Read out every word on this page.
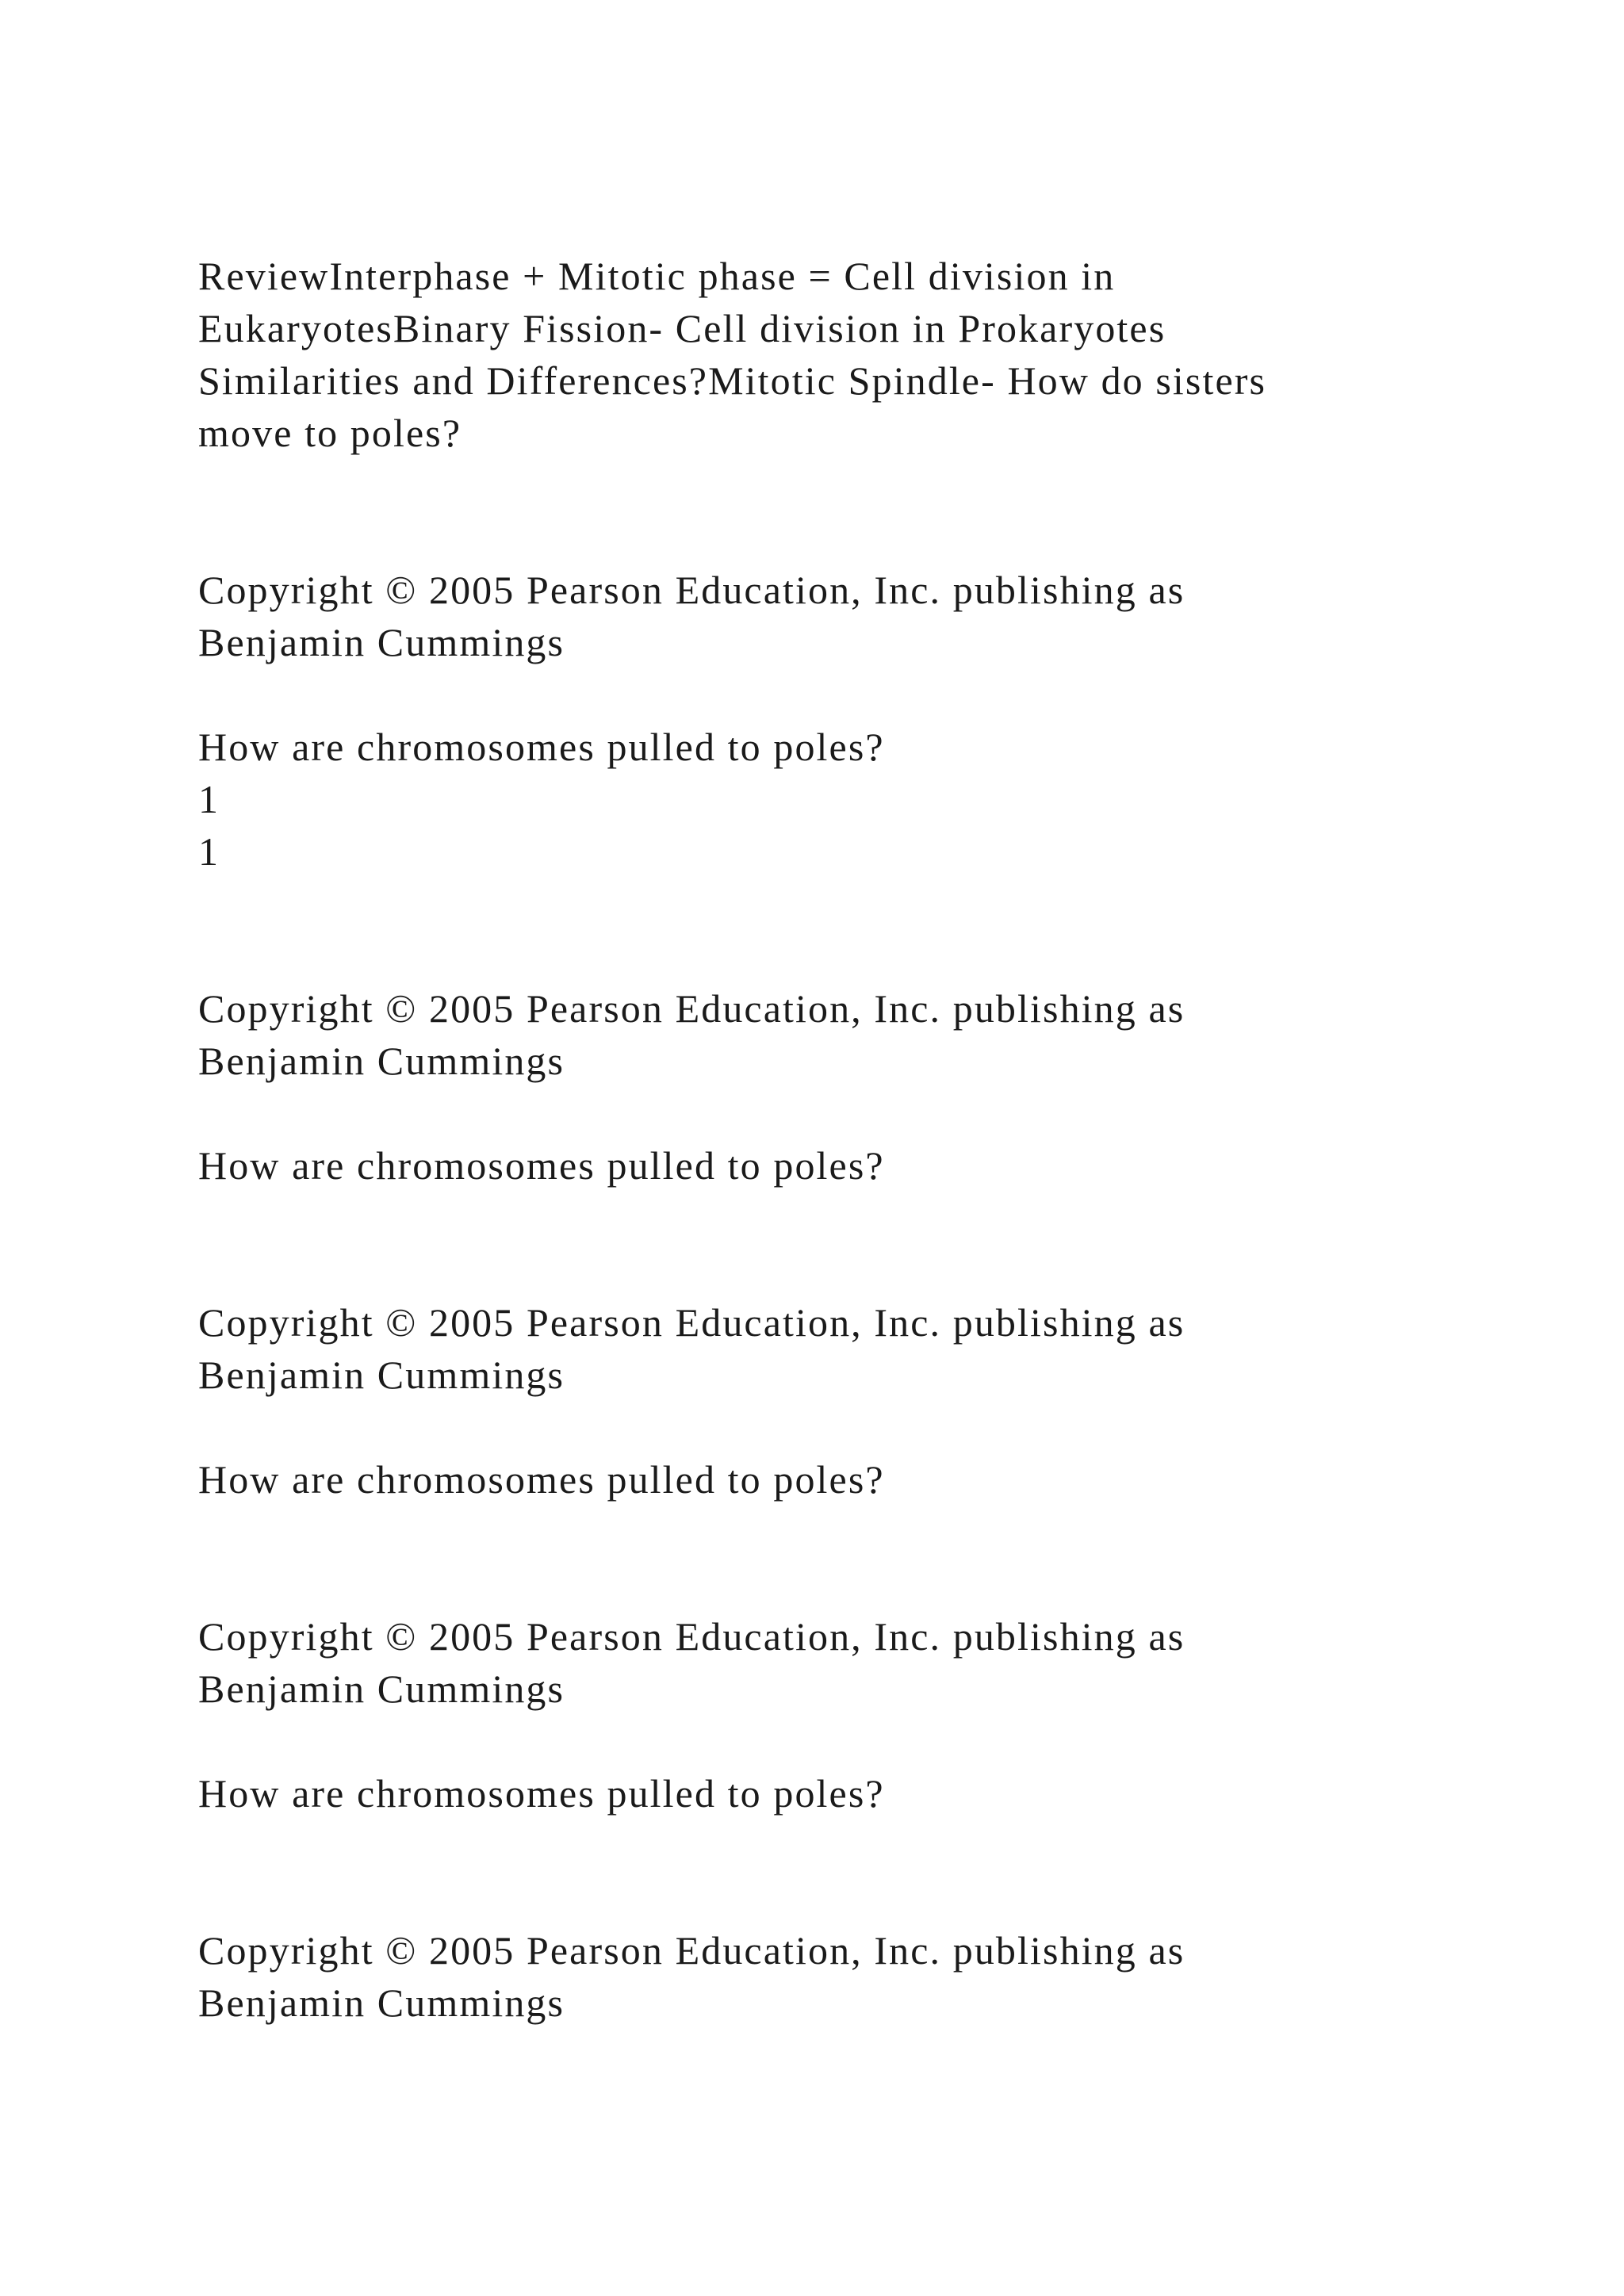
ReviewInterphase + Mitotic phase = Cell division in

EukaryotesBinary Fission- Cell division in Prokaryotes

Similarities and Differences?Mitotic Spindle- How do sisters

move to poles?

Copyright © 2005 Pearson Education, Inc. publishing as

Benjamin Cummings

How are chromosomes pulled to poles?

1

1

Copyright © 2005 Pearson Education, Inc. publishing as

Benjamin Cummings

How are chromosomes pulled to poles?

Copyright © 2005 Pearson Education, Inc. publishing as

Benjamin Cummings

How are chromosomes pulled to poles?

Copyright © 2005 Pearson Education, Inc. publishing as

Benjamin Cummings

How are chromosomes pulled to poles?

Copyright © 2005 Pearson Education, Inc. publishing as

Benjamin Cummings
